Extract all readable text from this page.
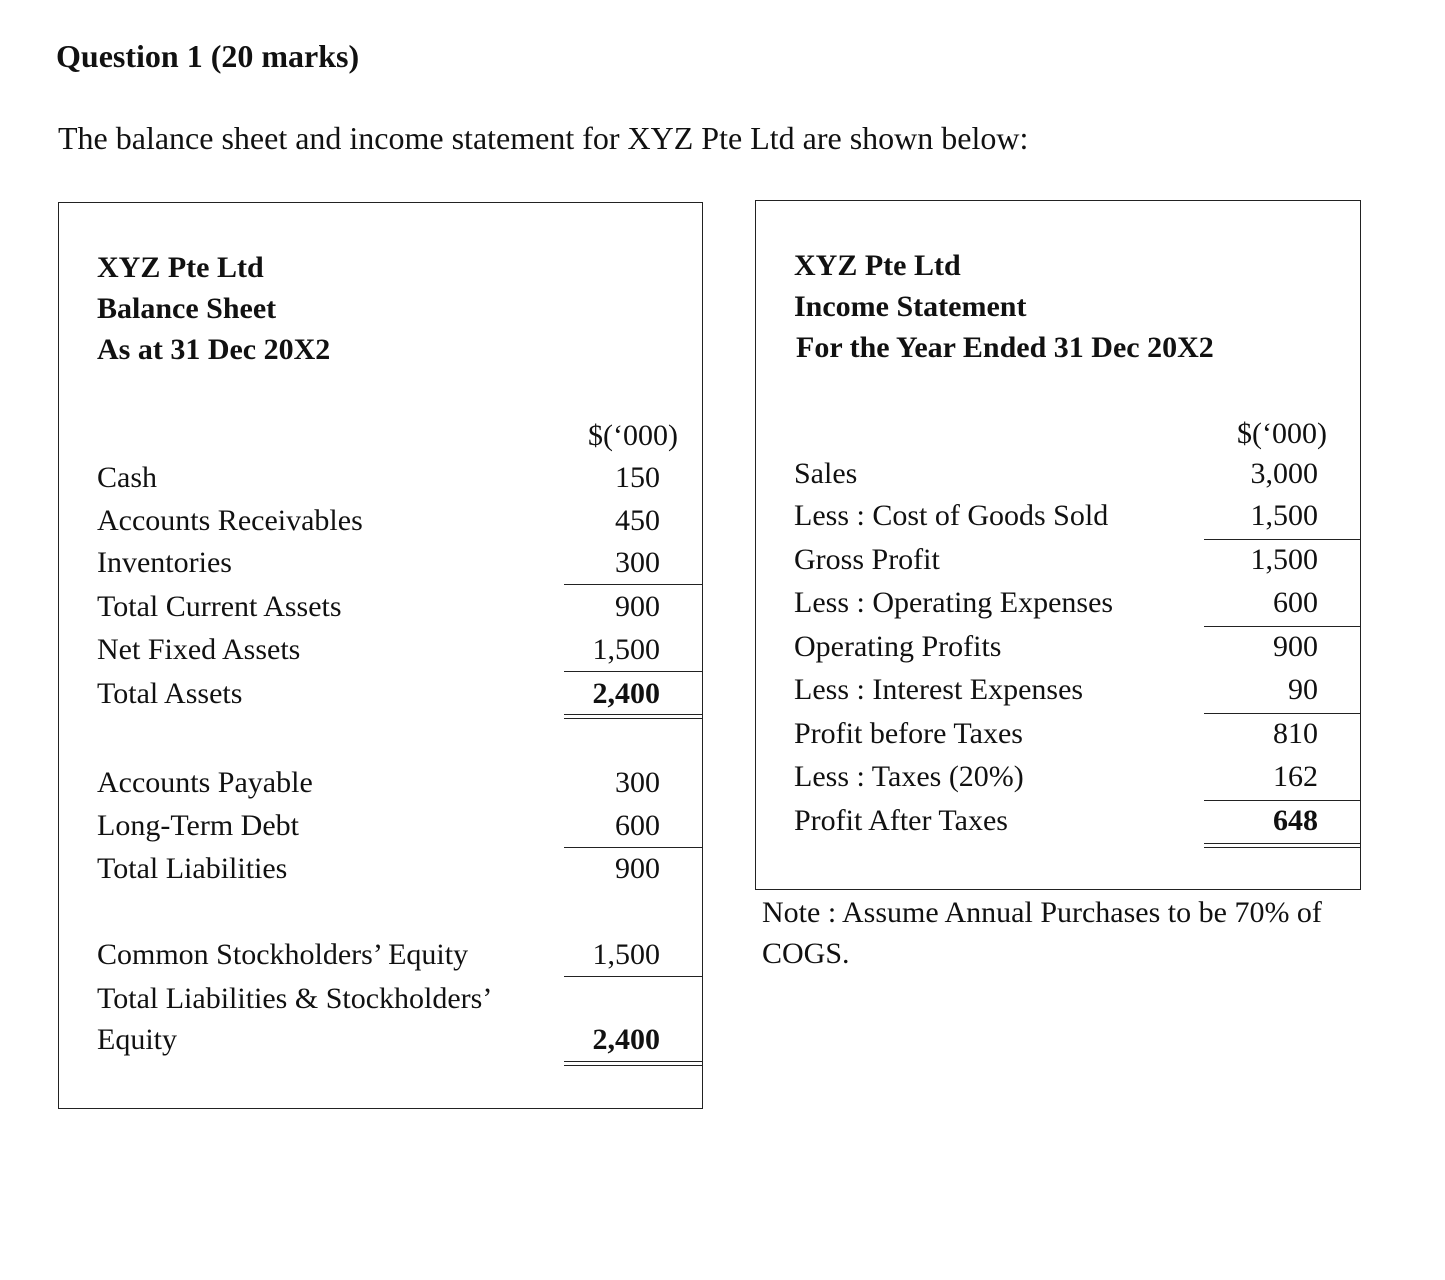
Question 1 (20 marks)
The balance sheet and income statement for XYZ Pte Ltd are shown below:
XYZ Pte Ltd
Balance Sheet
As at 31 Dec 20X2
$(‘000)
Cash	150
Accounts Receivables	450
Inventories	300
Total Current Assets	900
Net Fixed Assets	1,500
Total Assets	2,400
Accounts Payable	300
Long-Term Debt	600
Total Liabilities	900
Common Stockholders’ Equity	1,500
Total Liabilities & Stockholders’
Equity	2,400
XYZ Pte Ltd
Income Statement
For the Year Ended 31 Dec 20X2
$(‘000)
Sales	3,000
Less : Cost of Goods Sold	1,500
Gross Profit	1,500
Less : Operating Expenses	600
Operating Profits	900
Less : Interest Expenses	90
Profit before Taxes	810
Less : Taxes (20%)	162
Profit After Taxes	648
Note : Assume Annual Purchases to be 70% of COGS.
